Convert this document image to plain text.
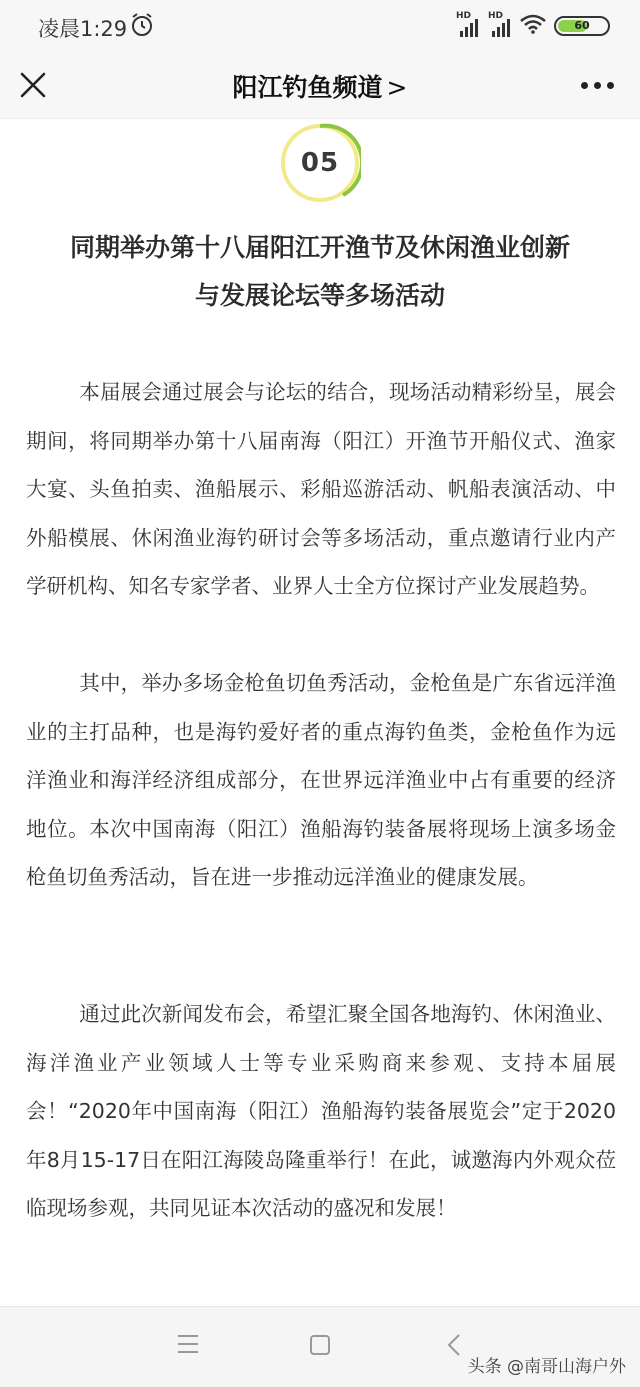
凌晨1:29
HD HD
60
阳江钓鱼频道 >
05
同期举办第十八届阳江开渔节及休闲渔业创新
与发展论坛等多场活动

本届展会通过展会与论坛的结合，现场活动精彩纷呈，展会期间，将同期举办第十八届南海（阳江）开渔节开船仪式、渔家大宴、头鱼拍卖、渔船展示、彩船巡游活动、帆船表演活动、中外船模展、休闲渔业海钓研讨会等多场活动，重点邀请行业内产学研机构、知名专家学者、业界人士全方位探讨产业发展趋势。

其中，举办多场金枪鱼切鱼秀活动，金枪鱼是广东省远洋渔业的主打品种，也是海钓爱好者的重点海钓鱼类，金枪鱼作为远洋渔业和海洋经济组成部分，在世界远洋渔业中占有重要的经济地位。本次中国南海（阳江）渔船海钓装备展将现场上演多场金枪鱼切鱼秀活动，旨在进一步推动远洋渔业的健康发展。

通过此次新闻发布会，希望汇聚全国各地海钓、休闲渔业、海洋渔业产业领域人士等专业采购商来参观、支持本届展会！“2020年中国南海（阳江）渔船海钓装备展览会”定于2020年8月15-17日在阳江海陵岛隆重举行！在此，诚邀海内外观众莅临现场参观，共同见证本次活动的盛况和发展！

头条 @南哥山海户外
